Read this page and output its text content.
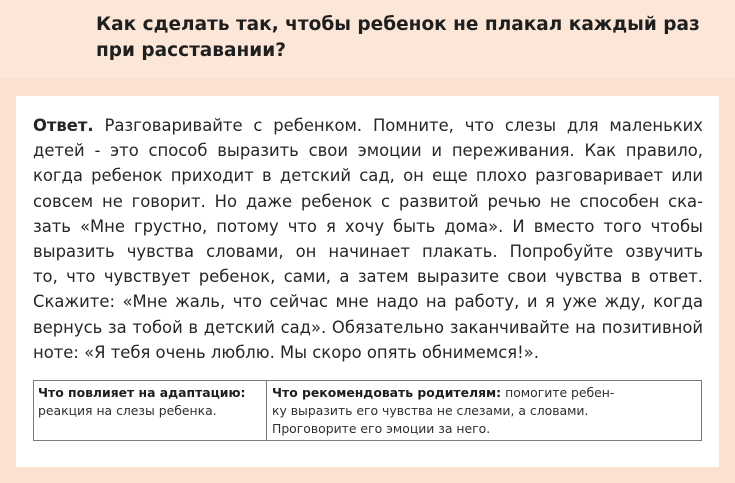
Как сделать так, чтобы ребенок не плакал каждый раз
при расставании?
Ответ. Разговаривайте с ребенком. Помните, что слезы для маленьких
детей - это способ выразить свои эмоции и переживания. Как правило,
когда ребенок приходит в детский сад, он еще плохо разговаривает или
совсем не говорит. Но даже ребенок с развитой речью не способен ска-
зать «Мне грустно, потому что я хочу быть дома». И вместо того чтобы
выразить чувства словами, он начинает плакать. Попробуйте озвучить
то, что чувствует ребенок, сами, а затем выразите свои чувства в ответ.
Скажите: «Мне жаль, что сейчас мне надо на работу, и я уже жду, когда
вернусь за тобой в детский сад». Обязательно заканчивайте на позитивной
ноте: «Я тебя очень люблю. Мы скоро опять обнимемся!».
Что повлияет на адаптацию:
реакция на слезы ребенка.
Что рекомендовать родителям: помогите ребен-
ку выразить его чувства не слезами, а словами.
Проговорите его эмоции за него.
